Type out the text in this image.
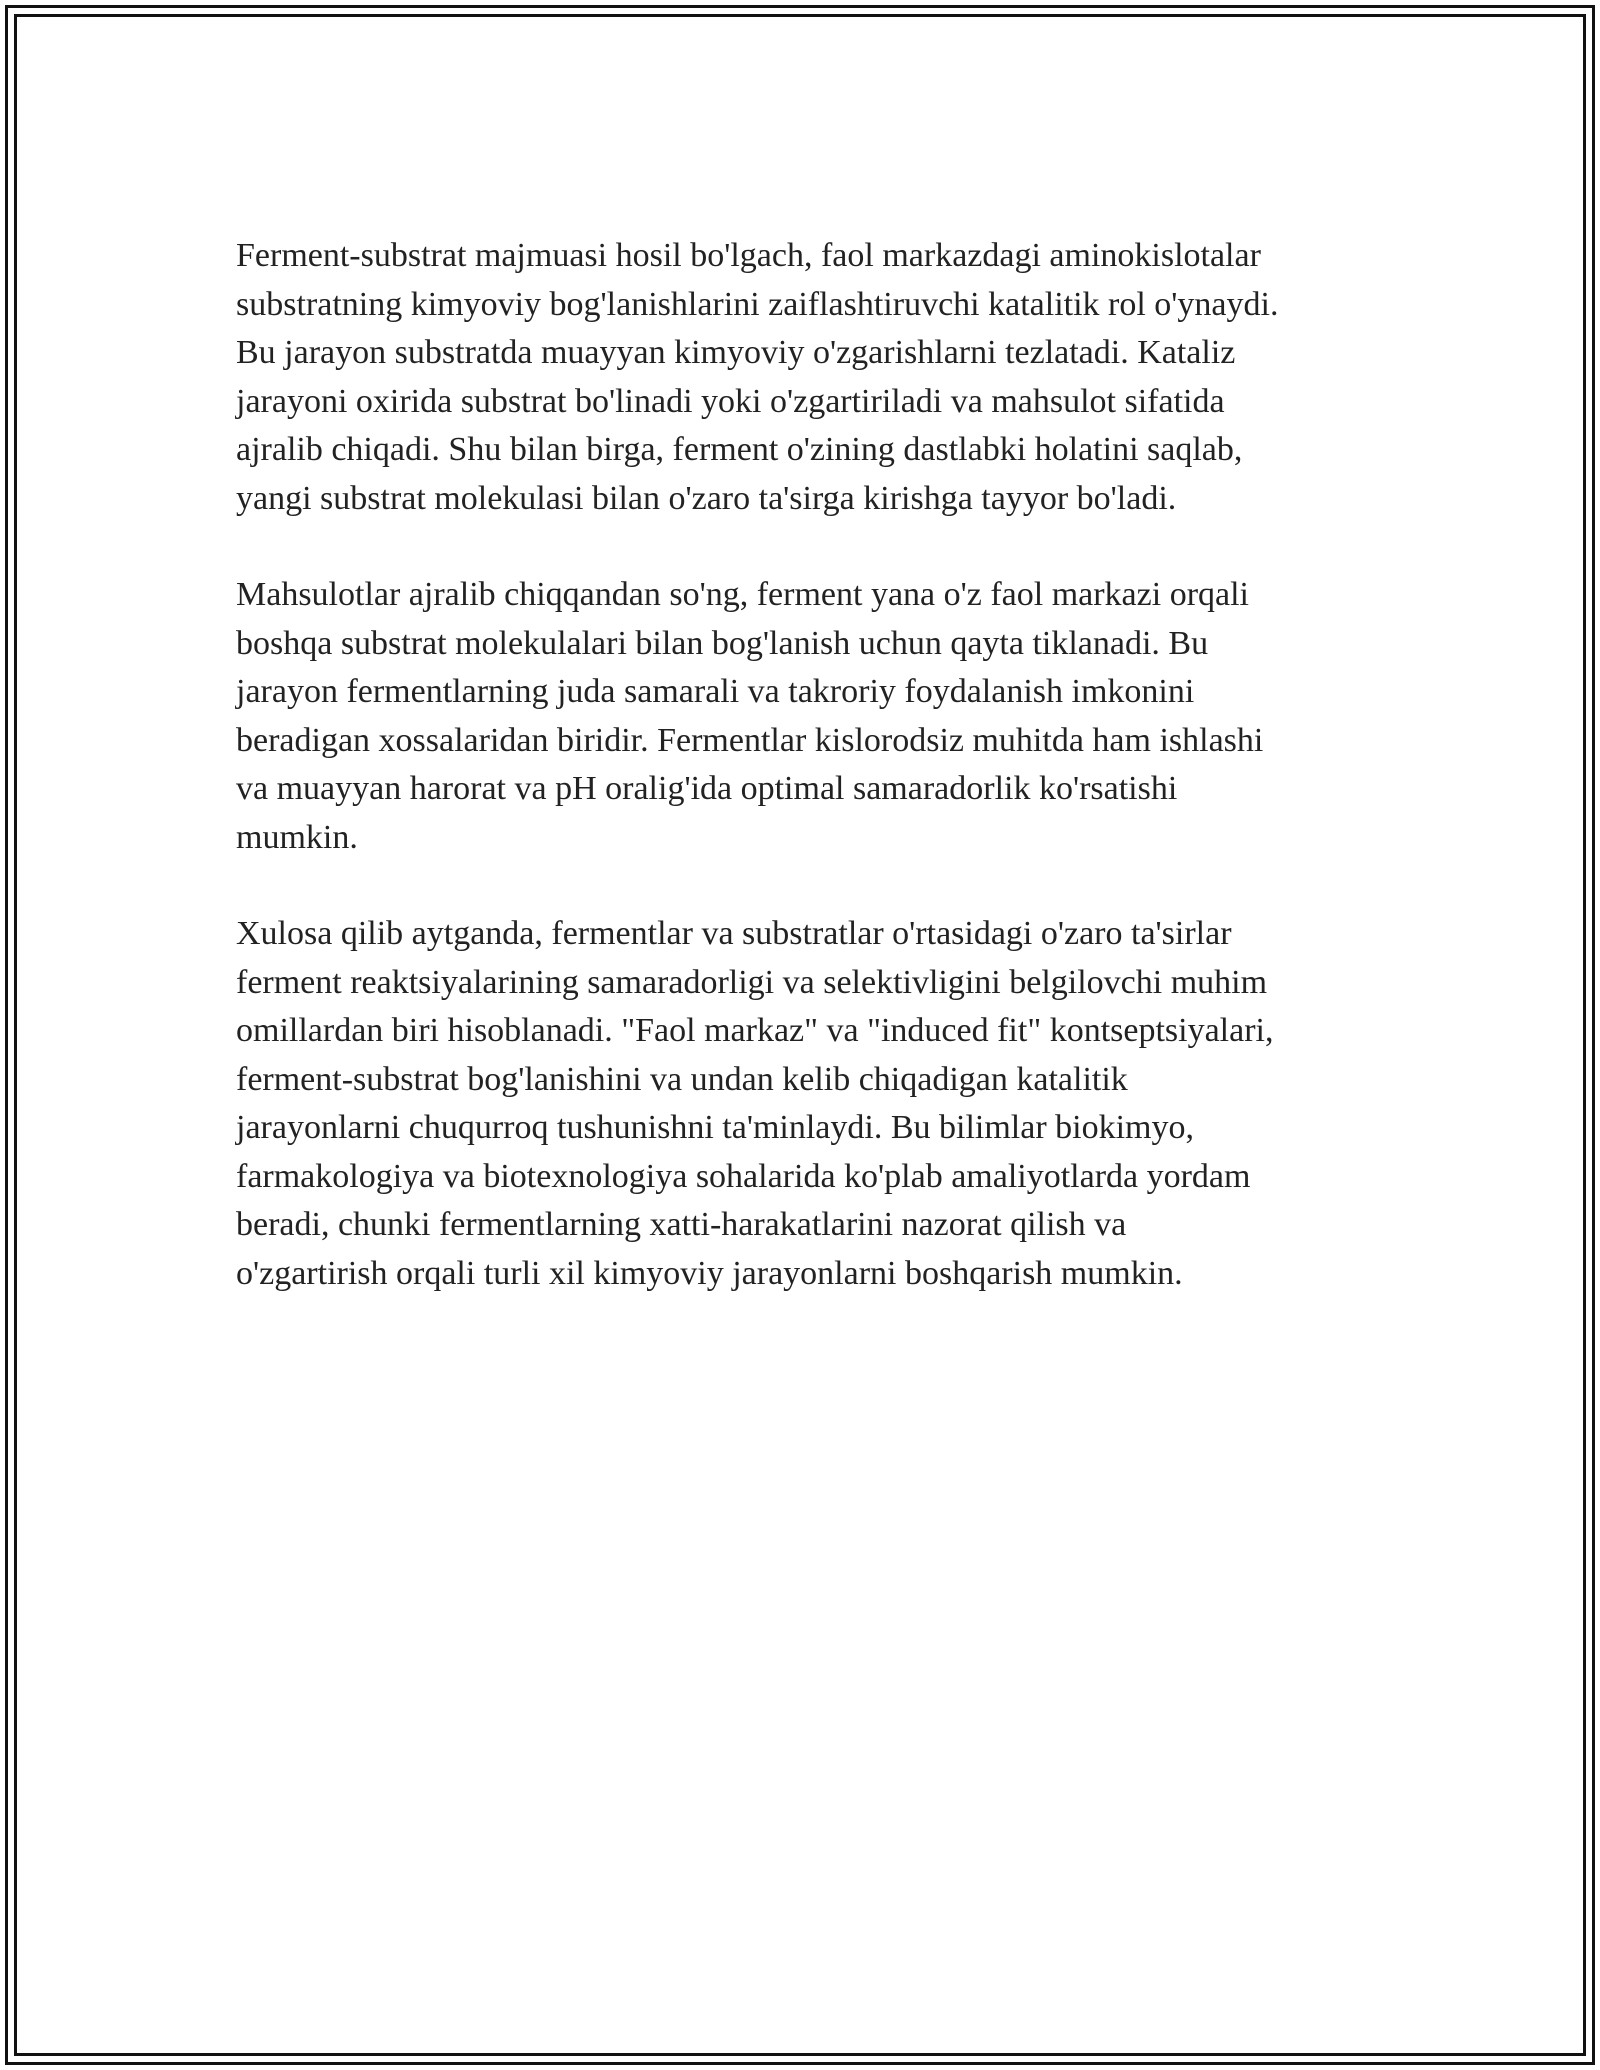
Ferment-substrat majmuasi hosil bo'lgach, faol markazdagi aminokislotalar
substratning kimyoviy bog'lanishlarini zaiflashtiruvchi katalitik rol o'ynaydi.
Bu jarayon substratda muayyan kimyoviy o'zgarishlarni tezlatadi. Kataliz
jarayoni oxirida substrat bo'linadi yoki o'zgartiriladi va mahsulot sifatida
ajralib chiqadi. Shu bilan birga, ferment o'zining dastlabki holatini saqlab,
yangi substrat molekulasi bilan o'zaro ta'sirga kirishga tayyor bo'ladi.

Mahsulotlar ajralib chiqqandan so'ng, ferment yana o'z faol markazi orqali
boshqa substrat molekulalari bilan bog'lanish uchun qayta tiklanadi. Bu
jarayon fermentlarning juda samarali va takroriy foydalanish imkonini
beradigan xossalaridan biridir. Fermentlar kislorodsiz muhitda ham ishlashi
va muayyan harorat va pH oralig'ida optimal samaradorlik ko'rsatishi
mumkin.

Xulosa qilib aytganda, fermentlar va substratlar o'rtasidagi o'zaro ta'sirlar
ferment reaktsiyalarining samaradorligi va selektivligini belgilovchi muhim
omillardan biri hisoblanadi. "Faol markaz" va "induced fit" kontseptsiyalari,
ferment-substrat bog'lanishini va undan kelib chiqadigan katalitik
jarayonlarni chuqurroq tushunishni ta'minlaydi. Bu bilimlar biokimyo,
farmakologiya va biotexnologiya sohalarida ko'plab amaliyotlarda yordam
beradi, chunki fermentlarning xatti-harakatlarini nazorat qilish va
o'zgartirish orqali turli xil kimyoviy jarayonlarni boshqarish mumkin.
